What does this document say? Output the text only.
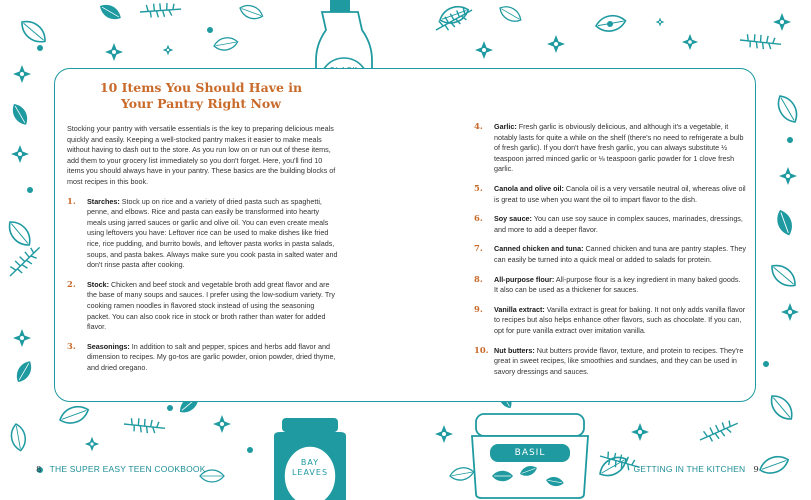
BAY
LEAVES
BASIL
10 Items You Should Have in
Your Pantry Right Now

Stocking your pantry with versatile essentials is the key to preparing delicious meals quickly and easily. Keeping a well-stocked pantry makes it easier to make meals without having to dash out to the store. As you run low on or run out of these items, add them to your grocery list immediately so you don't forget. Here, you'll find 10 items you should always have in your pantry. These basics are the building blocks of most recipes in this book.

1. Starches: Stock up on rice and a variety of dried pasta such as spaghetti, penne, and elbows. Rice and pasta can easily be transformed into hearty meals using jarred sauces or garlic and olive oil. You can even create meals using leftovers you have: Leftover rice can be used to make dishes like fried rice, rice pudding, and burrito bowls, and leftover pasta works in pasta salads, soups, and pasta bakes. Always make sure you cook pasta in salted water and don't rinse pasta after cooking.
2. Stock: Chicken and beef stock and vegetable broth add great flavor and are the base of many soups and sauces. I prefer using the low-sodium variety. Try cooking ramen noodles in flavored stock instead of using the seasoning packet. You can also cook rice in stock or broth rather than water for added flavor.
3. Seasonings: In addition to salt and pepper, spices and herbs add flavor and dimension to recipes. My go-tos are garlic powder, onion powder, dried thyme, and dried oregano.
4. Garlic: Fresh garlic is obviously delicious, and although it's a vegetable, it notably lasts for quite a while on the shelf (there's no need to refrigerate a bulb of fresh garlic). If you don't have fresh garlic, you can always substitute ½ teaspoon jarred minced garlic or ⅛ teaspoon garlic powder for 1 clove fresh garlic.
5. Canola and olive oil: Canola oil is a very versatile neutral oil, whereas olive oil is great to use when you want the oil to impart flavor to the dish.
6. Soy sauce: You can use soy sauce in complex sauces, marinades, dressings, and more to add a deeper flavor.
7. Canned chicken and tuna: Canned chicken and tuna are pantry staples. They can easily be turned into a quick meal or added to salads for protein.
8. All-purpose flour: All-purpose flour is a key ingredient in many baked goods. It also can be used as a thickener for sauces.
9. Vanilla extract: Vanilla extract is great for baking. It not only adds vanilla flavor to recipes but also helps enhance other flavors, such as chocolate. If you can, opt for pure vanilla extract over imitation vanilla.
10. Nut butters: Nut butters provide flavor, texture, and protein to recipes. They're great in sweet recipes, like smoothies and sundaes, and they can be used in savory dressings and sauces.
8 THE SUPER EASY TEEN COOKBOOK	GETTING IN THE KITCHEN 9
